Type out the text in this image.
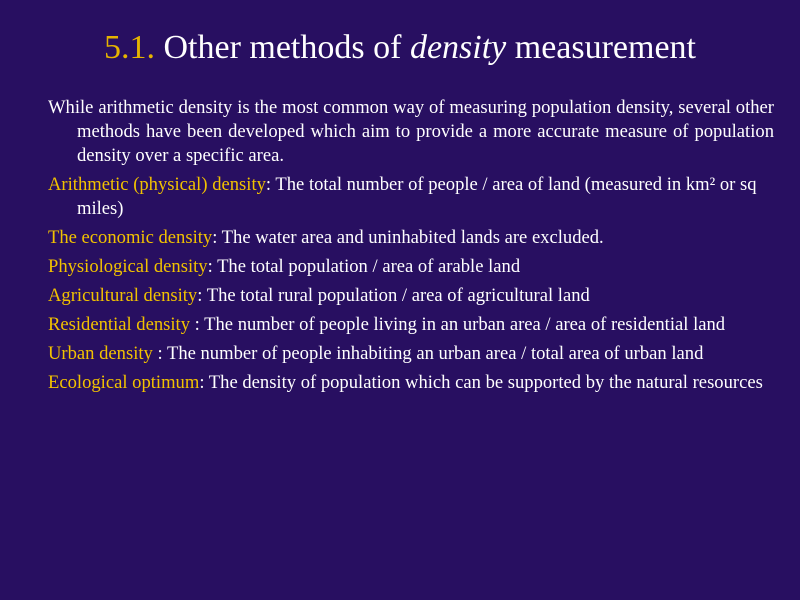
5.1. Other methods of density measurement

While arithmetic density is the most common way of measuring population density, several other methods have been developed which aim to provide a more accurate measure of population density over a specific area.

Arithmetic (physical) density: The total number of people / area of land (measured in km² or sq miles)

The economic density: The water area and uninhabited lands are excluded.

Physiological density: The total population / area of arable land

Agricultural density: The total rural population / area of agricultural land

Residential density : The number of people living in an urban area / area of residential land

Urban density : The number of people inhabiting an urban area / total area of urban land

Ecological optimum: The density of population which can be supported by the natural resources
